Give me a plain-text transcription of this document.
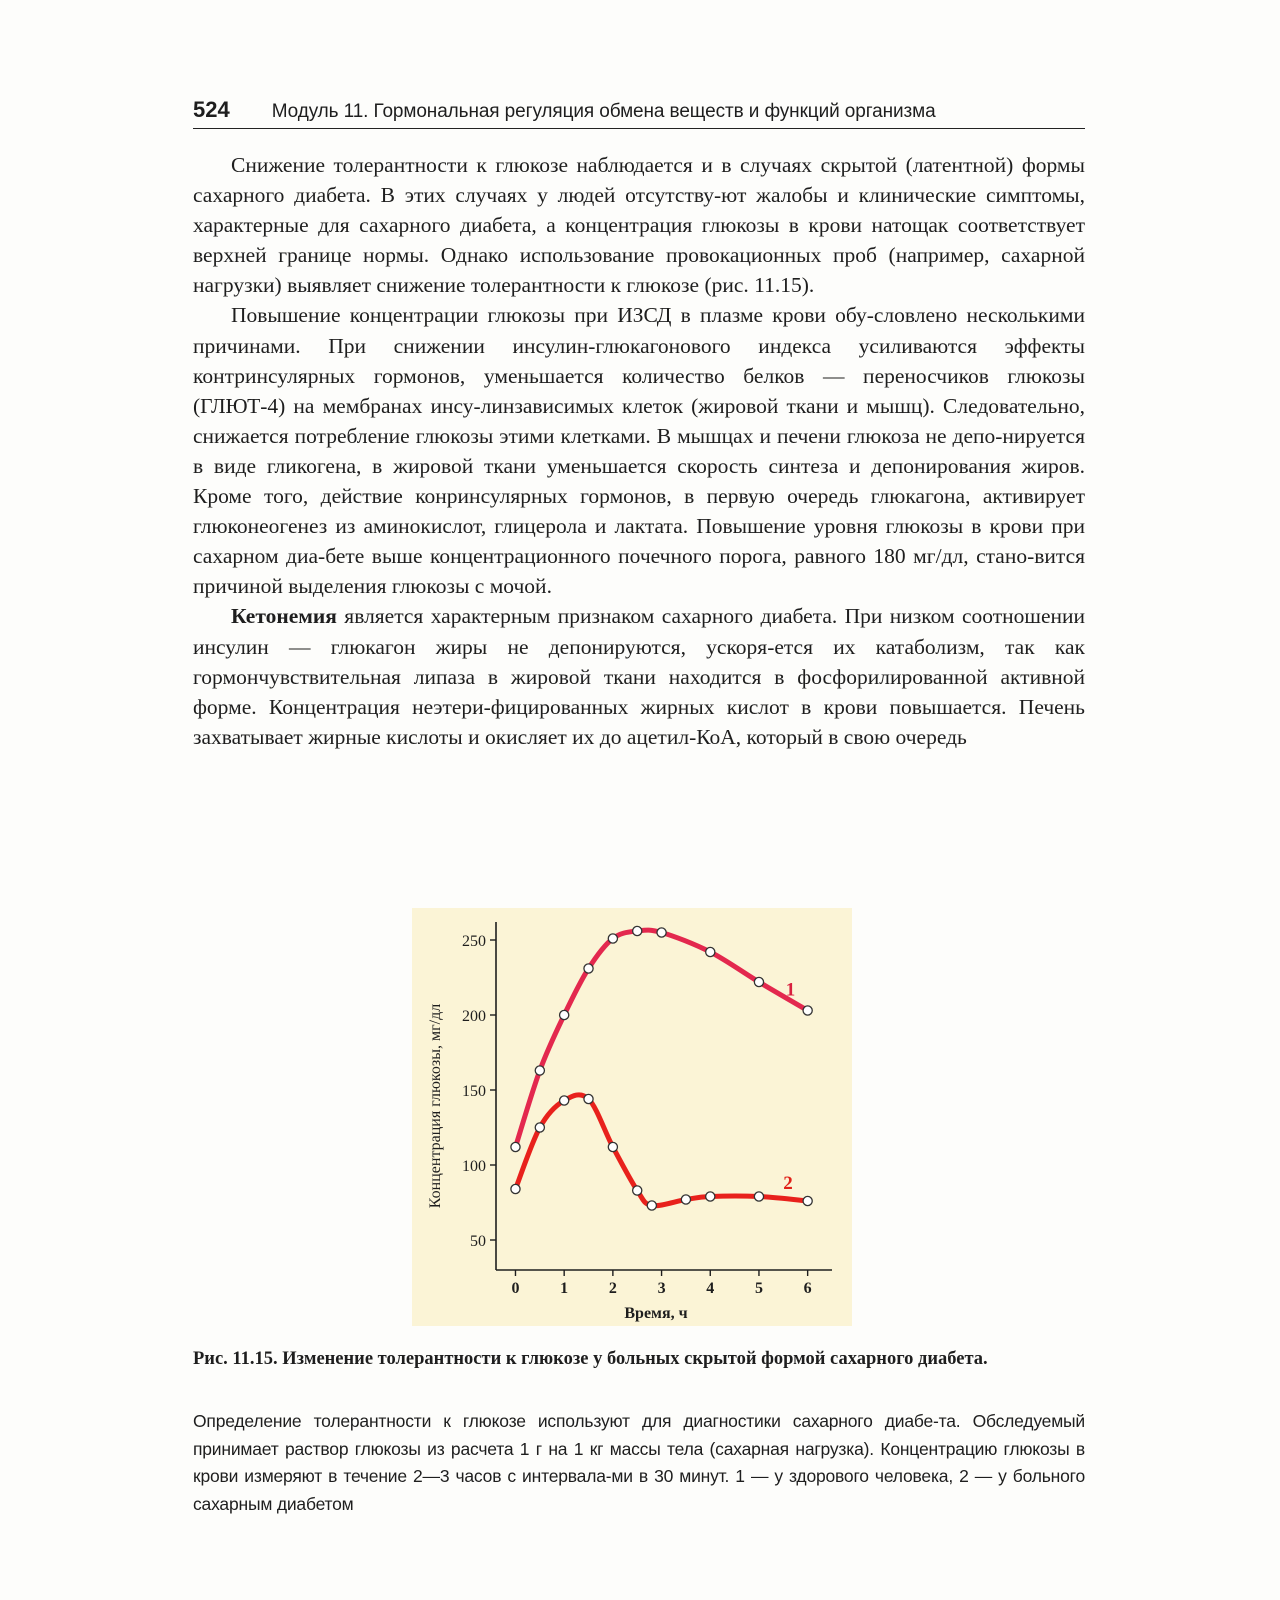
524 Модуль 11. Гормональная регуляция обмена веществ и функций организма

Снижение толерантности к глюкозе наблюдается и в случаях скрытой (латентной) формы сахарного диабета. В этих случаях у людей отсутству-ют жалобы и клинические симптомы, характерные для сахарного диабета, а концентрация глюкозы в крови натощак соответствует верхней границе нормы. Однако использование провокационных проб (например, сахарной нагрузки) выявляет снижение толерантности к глюкозе (рис. 11.15).

Повышение концентрации глюкозы при ИЗСД в плазме крови обу-словлено несколькими причинами. При снижении инсулин-глюкагонового индекса усиливаются эффекты контринсулярных гормонов, уменьшается количество белков — переносчиков глюкозы (ГЛЮТ-4) на мембранах инсу-линзависимых клеток (жировой ткани и мышц). Следовательно, снижается потребление глюкозы этими клетками. В мышцах и печени глюкоза не депо-нируется в виде гликогена, в жировой ткани уменьшается скорость синтеза и депонирования жиров. Кроме того, действие конринсулярных гормонов, в первую очередь глюкагона, активирует глюконеогенез из аминокислот, глицерола и лактата. Повышение уровня глюкозы в крови при сахарном диа-бете выше концентрационного почечного порога, равного 180 мг/дл, стано-вится причиной выделения глюкозы с мочой.

Кетонемия является характерным признаком сахарного диабета. При низком соотношении инсулин — глюкагон жиры не депонируются, ускоря-ется их катаболизм, так как гормончувствительная липаза в жировой ткани находится в фосфорилированной активной форме. Концентрация неэтери-фицированных жирных кислот в крови повышается. Печень захватывает жирные кислоты и окисляет их до ацетил-КоА, который в свою очередь

50
100
150
200
250
0	1	2	3	4	5	6
Время, ч
Концентрация глюкозы, мг/дл
1
2
Рис. 11.15. Изменение толерантности к глюкозе у больных скрытой формой сахарного диабета.
Определение толерантности к глюкозе используют для диагностики сахарного диабе-та. Обследуемый принимает раствор глюкозы из расчета 1 г на 1 кг массы тела (сахарная нагрузка). Концентрацию глюкозы в крови измеряют в течение 2—3 часов с интервала-ми в 30 минут. 1 — у здорового человека, 2 — у больного сахарным диабетом
